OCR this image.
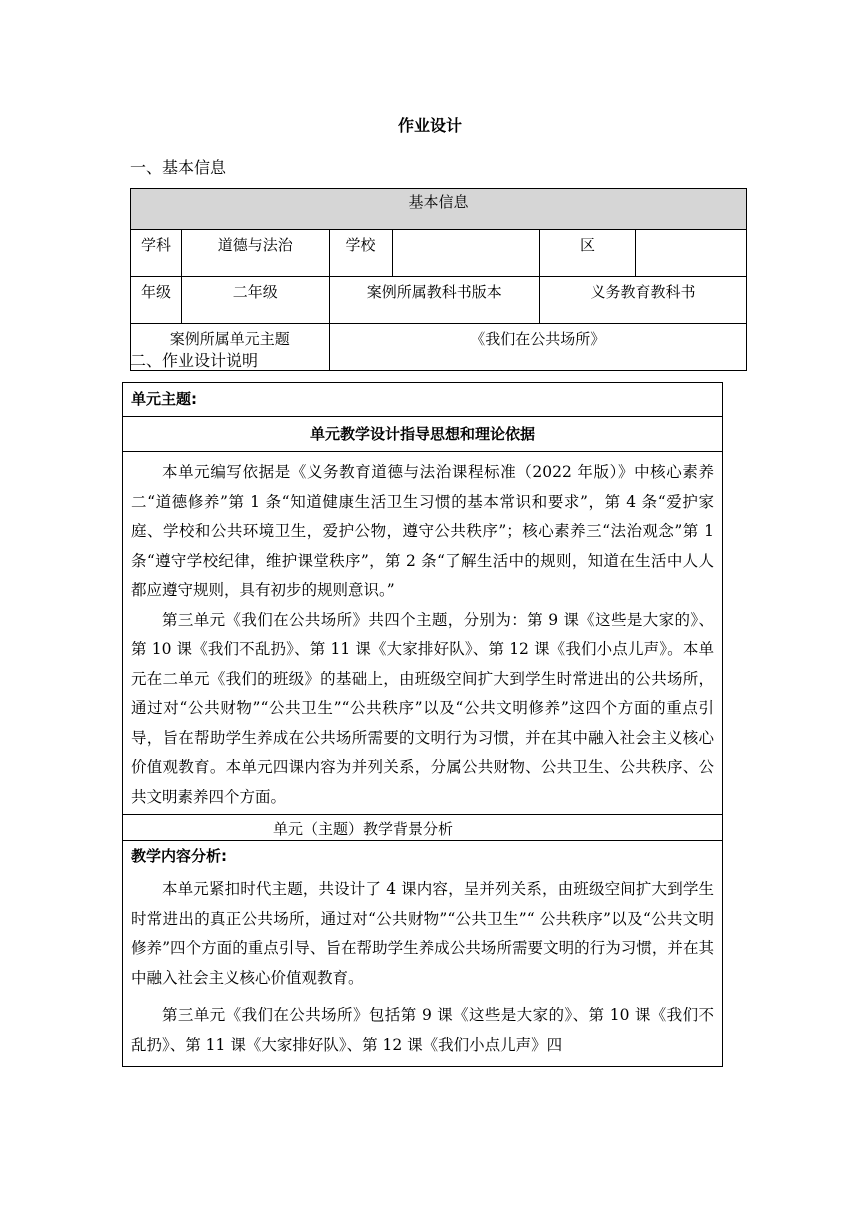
作业设计
一、基本信息
基本信息					
学科	道德与法治	学校		区	
年级	二年级	案例所属教科书版本		义务教育教科书	
案例所属单元主题		《我们在公共场所》			
二、作业设计说明
单元主题:
单元教学设计指导思想和理论依据

本单元编写依据是《义务教育道德与法治课程标准（2022 年版）》中核心素养二“道德修养”第 1 条“知道健康生活卫生习惯的基本常识和要求”，第 4 条“爱护家庭、学校和公共环境卫生，爱护公物，遵守公共秩序”；核心素养三“法治观念”第 1 条“遵守学校纪律，维护课堂秩序”，第 2 条“了解生活中的规则，知道在生活中人人都应遵守规则，具有初步的规则意识。”

第三单元《我们在公共场所》共四个主题，分别为：第 9 课《这些是大家的》、第 10 课《我们不乱扔》、第 11 课《大家排好队》、第 12 课《我们小点儿声》。本单元在二单元《我们的班级》的基础上，由班级空间扩大到学生时常进出的公共场所，通过对“公共财物”“公共卫生”“公共秩序”以及“公共文明修养”这四个方面的重点引导，旨在帮助学生养成在公共场所需要的文明行为习惯，并在其中融入社会主义核心价值观教育。本单元四课内容为并列关系，分属公共财物、公共卫生、公共秩序、公共文明素养四个方面。

单元（主题）教学背景分析

教学内容分析:

本单元紧扣时代主题，共设计了 4 课内容，呈并列关系，由班级空间扩大到学生时常进出的真正公共场所，通过对“公共财物”“公共卫生”“ 公共秩序”以及“公共文明修养”四个方面的重点引导、旨在帮助学生养成公共场所需要文明的行为习惯，并在其中融入社会主义核心价值观教育。

第三单元《我们在公共场所》包括第 9 课《这些是大家的》、第 10 课《我们不乱扔》、第 11 课《大家排好队》、第 12 课《我们小点儿声》四
